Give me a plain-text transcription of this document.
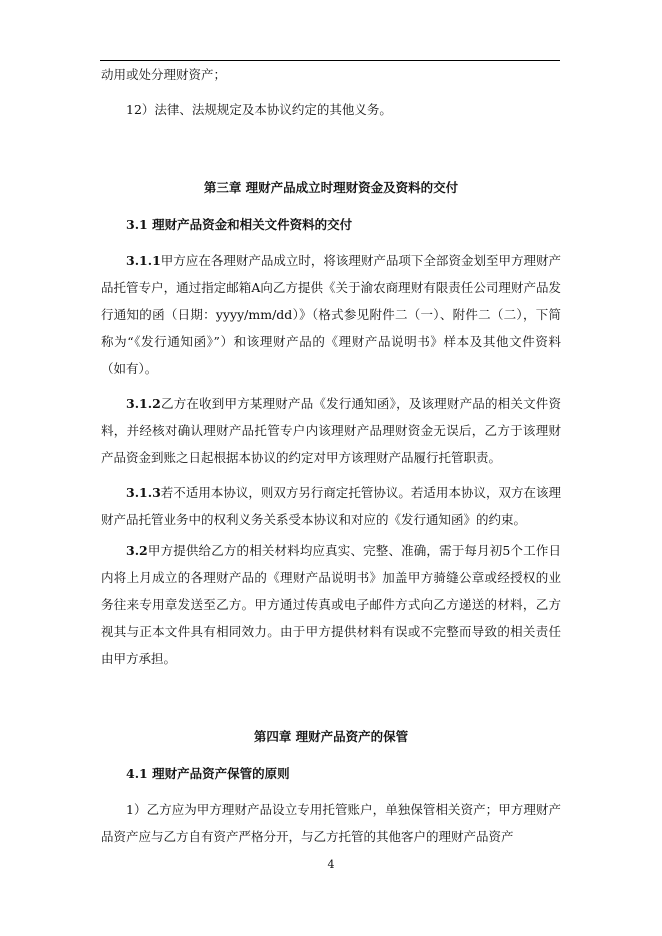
动用或处分理财资产；

12）法律、法规规定及本协议约定的其他义务。

第三章 理财产品成立时理财资金及资料的交付

3.1 理财产品资金和相关文件资料的交付

3.1.1甲方应在各理财产品成立时，将该理财产品项下全部资金划至甲方理财产品托管专户，通过指定邮箱A向乙方提供《关于渝农商理财有限责任公司理财产品发行通知的函（日期：yyyy/mm/dd）》（格式参见附件二（一）、附件二（二），下简称为“《发行通知函》”）和该理财产品的《理财产品说明书》样本及其他文件资料（如有）。

3.1.2乙方在收到甲方某理财产品《发行通知函》，及该理财产品的相关文件资料，并经核对确认理财产品托管专户内该理财产品理财资金无误后，乙方于该理财产品资金到账之日起根据本协议的约定对甲方该理财产品履行托管职责。

3.1.3若不适用本协议，则双方另行商定托管协议。若适用本协议，双方在该理财产品托管业务中的权利义务关系受本协议和对应的《发行通知函》的约束。

3.2甲方提供给乙方的相关材料均应真实、完整、准确，需于每月初5个工作日内将上月成立的各理财产品的《理财产品说明书》加盖甲方骑缝公章或经授权的业务往来专用章发送至乙方。甲方通过传真或电子邮件方式向乙方递送的材料，乙方视其与正本文件具有相同效力。由于甲方提供材料有误或不完整而导致的相关责任由甲方承担。

第四章 理财产品资产的保管

4.1 理财产品资产保管的原则

1）乙方应为甲方理财产品设立专用托管账户，单独保管相关资产；甲方理财产品资产应与乙方自有资产严格分开，与乙方托管的其他客户的理财产品资产

4
